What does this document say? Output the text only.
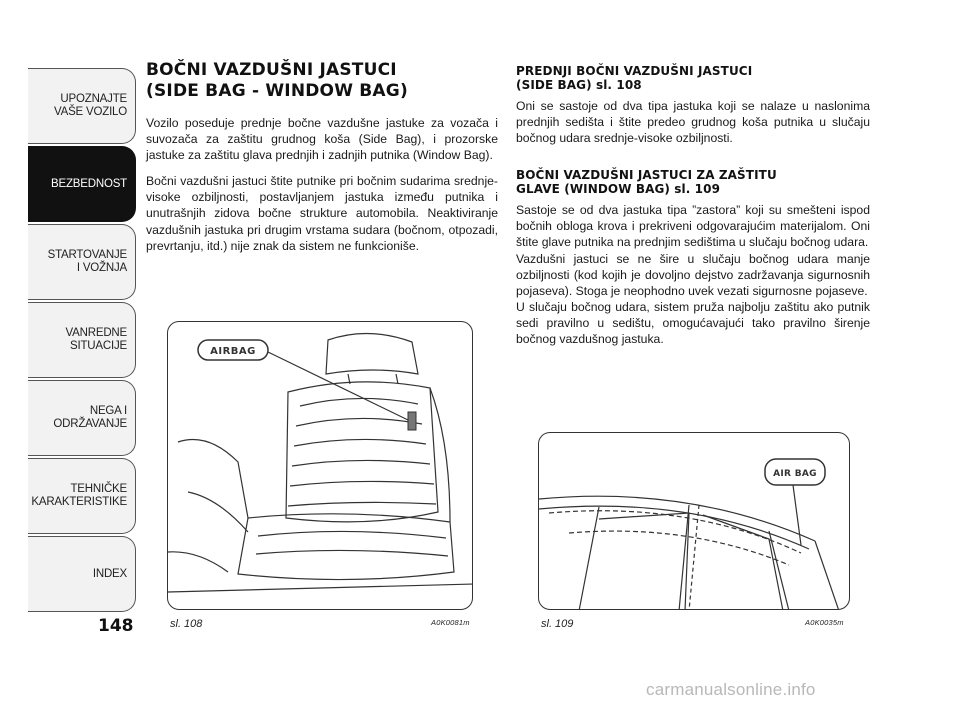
UPOZNAJTE
VAŠE VOZILO
BEZBEDNOST
STARTOVANJE
I VOŽNJA
VANREDNE
SITUACIJE
NEGA I
ODRŽAVANJE
TEHNIČKE
KARAKTERISTIKE
INDEX
148
BOČNI VAZDUŠNI JASTUCI
(SIDE BAG - WINDOW BAG)

Vozilo poseduje prednje bočne vazdušne jastuke za vozača i suvozača za zaštitu grudnog koša (Side Bag), i prozorske jastuke za zaštitu glava prednjih i zadnjih putnika (Window Bag).

Bočni vazdušni jastuci štite putnike pri bočnim sudarima srednje-visoke ozbiljnosti, postavljanjem jastuka između putnika i unutrašnjih zidova bočne strukture automobila. Neaktiviranje vazdušnih jastuka pri drugim vrstama sudara (bočnom, otpozadi, prevrtanju, itd.) nije znak da sistem ne funkcioniše.

PREDNJI BOČNI VAZDUŠNI JASTUCI
(SIDE BAG) sl. 108

Oni se sastoje od dva tipa jastuka koji se nalaze u naslonima prednjih sedišta i štite predeo grudnog koša putnika u slučaju bočnog udara srednje-visoke ozbiljnosti.

BOČNI VAZDUŠNI JASTUCI ZA ZAŠTITU
GLAVE (WINDOW BAG) sl. 109

Sastoje se od dva jastuka tipa ”zastora” koji su smešteni ispod bočnih obloga krova i prekriveni odgovarajućim materijalom. Oni štite glave putnika na prednjim sedištima u slučaju bočnog udara.

Vazdušni jastuci se ne šire u slučaju bočnog udara manje ozbiljnosti (kod kojih je dovoljno dejstvo zadržavanja sigurnosnih pojaseva). Stoga je neophodno uvek vezati sigurnosne pojaseve.

U slučaju bočnog udara, sistem pruža najbolju zaštitu ako putnik sedi pravilno u sedištu, omogućavajući tako pravilno širenje bočnog vazdušnog jastuka.

AIRBAG
sl. 108	A0K0081m
AIR BAG
sl. 109	A0K0035m
carmanualsonline.info
